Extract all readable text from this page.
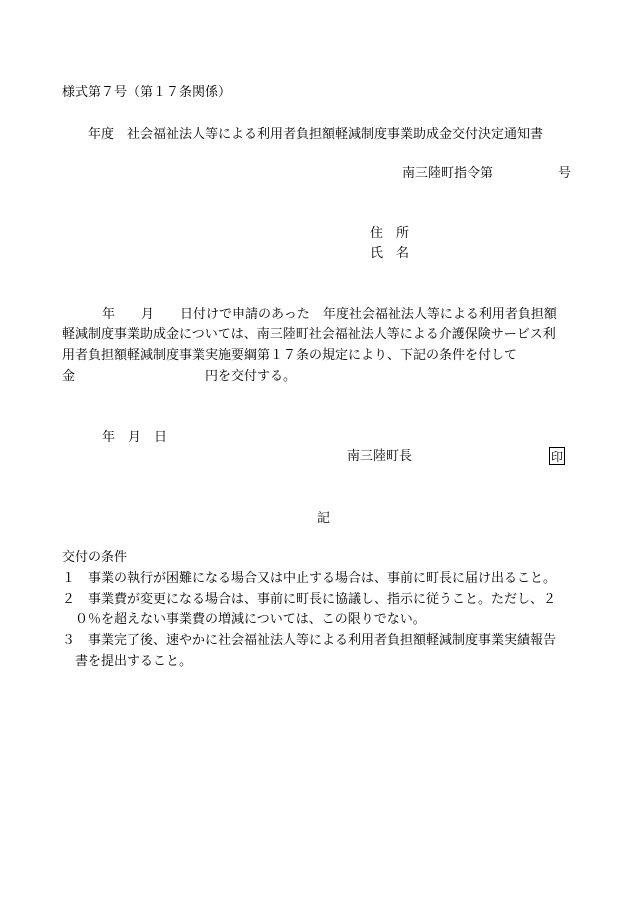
様式第７号（第１７条関係）
年度　社会福祉法人等による利用者負担額軽減制度事業助成金交付決定通知書
南三陸町指令第　　　　　号
住　所
氏　名
年　　月　　日付けで申請のあった　年度社会福祉法人等による利用者負担額
軽減制度事業助成金については、南三陸町社会福祉法人等による介護保険サービス利
用者負担額軽減制度事業実施要綱第１７条の規定により、下記の条件を付して
金　　　　　　　　　　円を交付する。
年　月　日
南三陸町長	印
記
交付の条件
１　事業の執行が困難になる場合又は中止する場合は、事前に町長に届け出ること。
２　事業費が変更になる場合は、事前に町長に協議し、指示に従うこと。ただし、２
０％を超えない事業費の増減については、この限りでない。
３　事業完了後、速やかに社会福祉法人等による利用者負担額軽減制度事業実績報告
書を提出すること。
